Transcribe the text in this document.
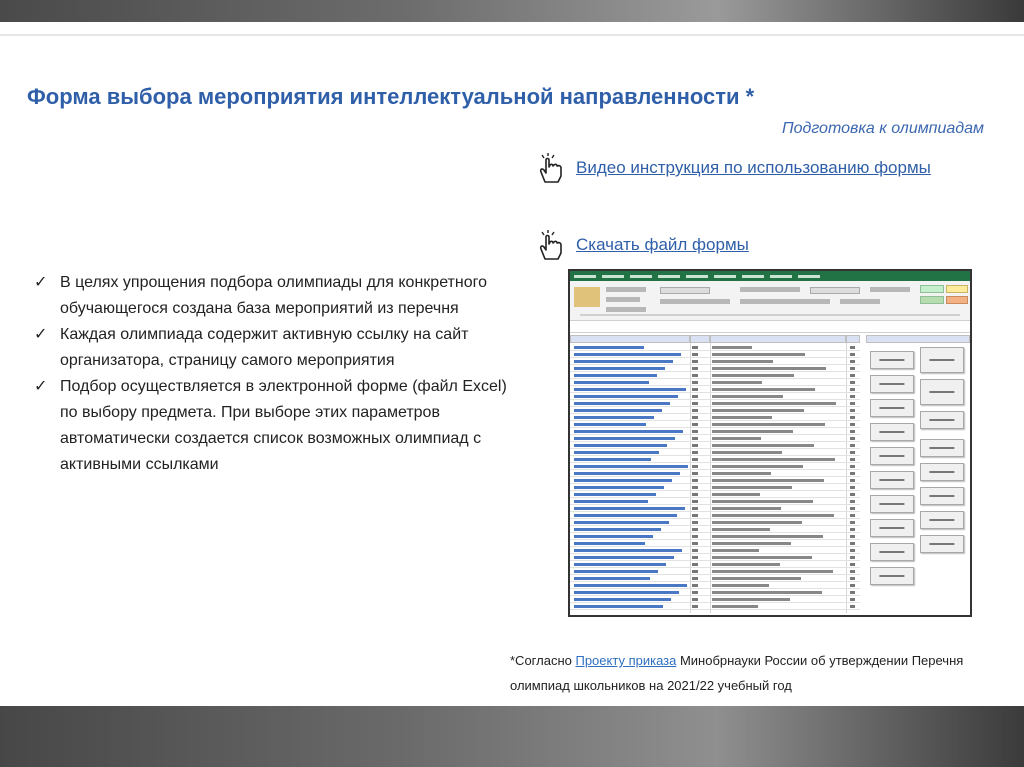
Форма выбора мероприятия интеллектуальной направленности *
Подготовка к олимпиадам
Видео инструкция по использованию формы
Скачать файл формы
✓ В целях упрощения подбора олимпиады для конкретного обучающегося создана база мероприятий из перечня
✓ Каждая олимпиада содержит активную ссылку на сайт организатора, страницу самого мероприятия
✓ Подбор осуществляется в электронной форме (файл Excel) по выбору предмета. При выборе этих параметров автоматически создается список возможных олимпиад с активными ссылками
*Согласно Проекту приказа Минобрнауки России об утверждении Перечня олимпиад школьников на 2021/22 учебный год
